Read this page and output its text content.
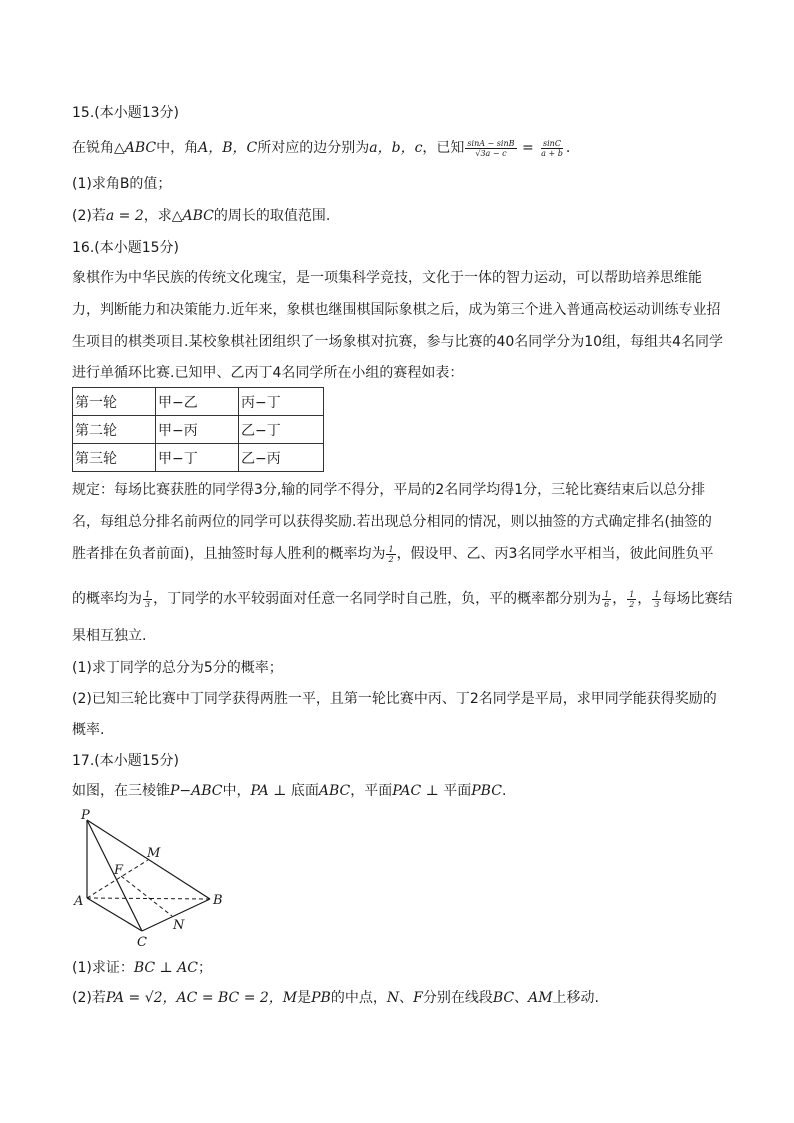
15.(本小题13分)
在锐角△ABC中，角A，B，C所对应的边分别为a，b，c，已知 $\frac{\sin A - \sin B}{√3a - c} = \frac{\sin C}{a + b}$ .
(1)求角B的值；
(2)若a = 2，求△ABC的周长的取值范围.
16.(本小题15分)
象棋作为中华民族的传统文化瑰宝，是一项集科学竞技，文化于一体的智力运动，可以帮助培养思维能
力，判断能力和决策能力.近年来，象棋也继围棋国际象棋之后，成为第三个进入普通高校运动训练专业招
生项目的棋类项目.某校象棋社团组织了一场象棋对抗赛，参与比赛的40名同学分为10组，每组共4名同学
进行单循环比赛.已知甲、乙丙丁4名同学所在小组的赛程如表：
第一轮	甲−乙	丙−丁
第二轮	甲−丙	乙−丁
第三轮	甲−丁	乙−丙
规定：每场比赛获胜的同学得3分,输的同学不得分，平局的2名同学均得1分，三轮比赛结束后以总分排
名，每组总分排名前两位的同学可以获得奖励.若出现总分相同的情况，则以抽签的方式确定排名(抽签的
胜者排在负者前面)，且抽签时每人胜利的概率均为 $\frac{1}{2}$ ，假设甲、乙、丙3名同学水平相当，彼此间胜负平
的概率均为 $\frac{1}{3}$ ，丁同学的水平较弱面对任意一名同学时自己胜，负，平的概率都分别为 $\frac{1}{6}$ ， $\frac{1}{2}$ ， $\frac{1}{3}$ 每场比赛结
果相互独立.
(1)求丁同学的总分为5分的概率；
(2)已知三轮比赛中丁同学获得两胜一平，且第一轮比赛中丙、丁2名同学是平局，求甲同学能获得奖励的
概率.
17.(本小题15分)
如图，在三棱锥P−ABC中，PA ⊥ 底面ABC，平面PAC ⊥ 平面PBC.
P
M
F
A	B
N
C
(1)求证：BC ⊥ AC；
(2)若PA = √2，AC = BC = 2，M是PB的中点，N、F分别在线段BC、AM上移动.
